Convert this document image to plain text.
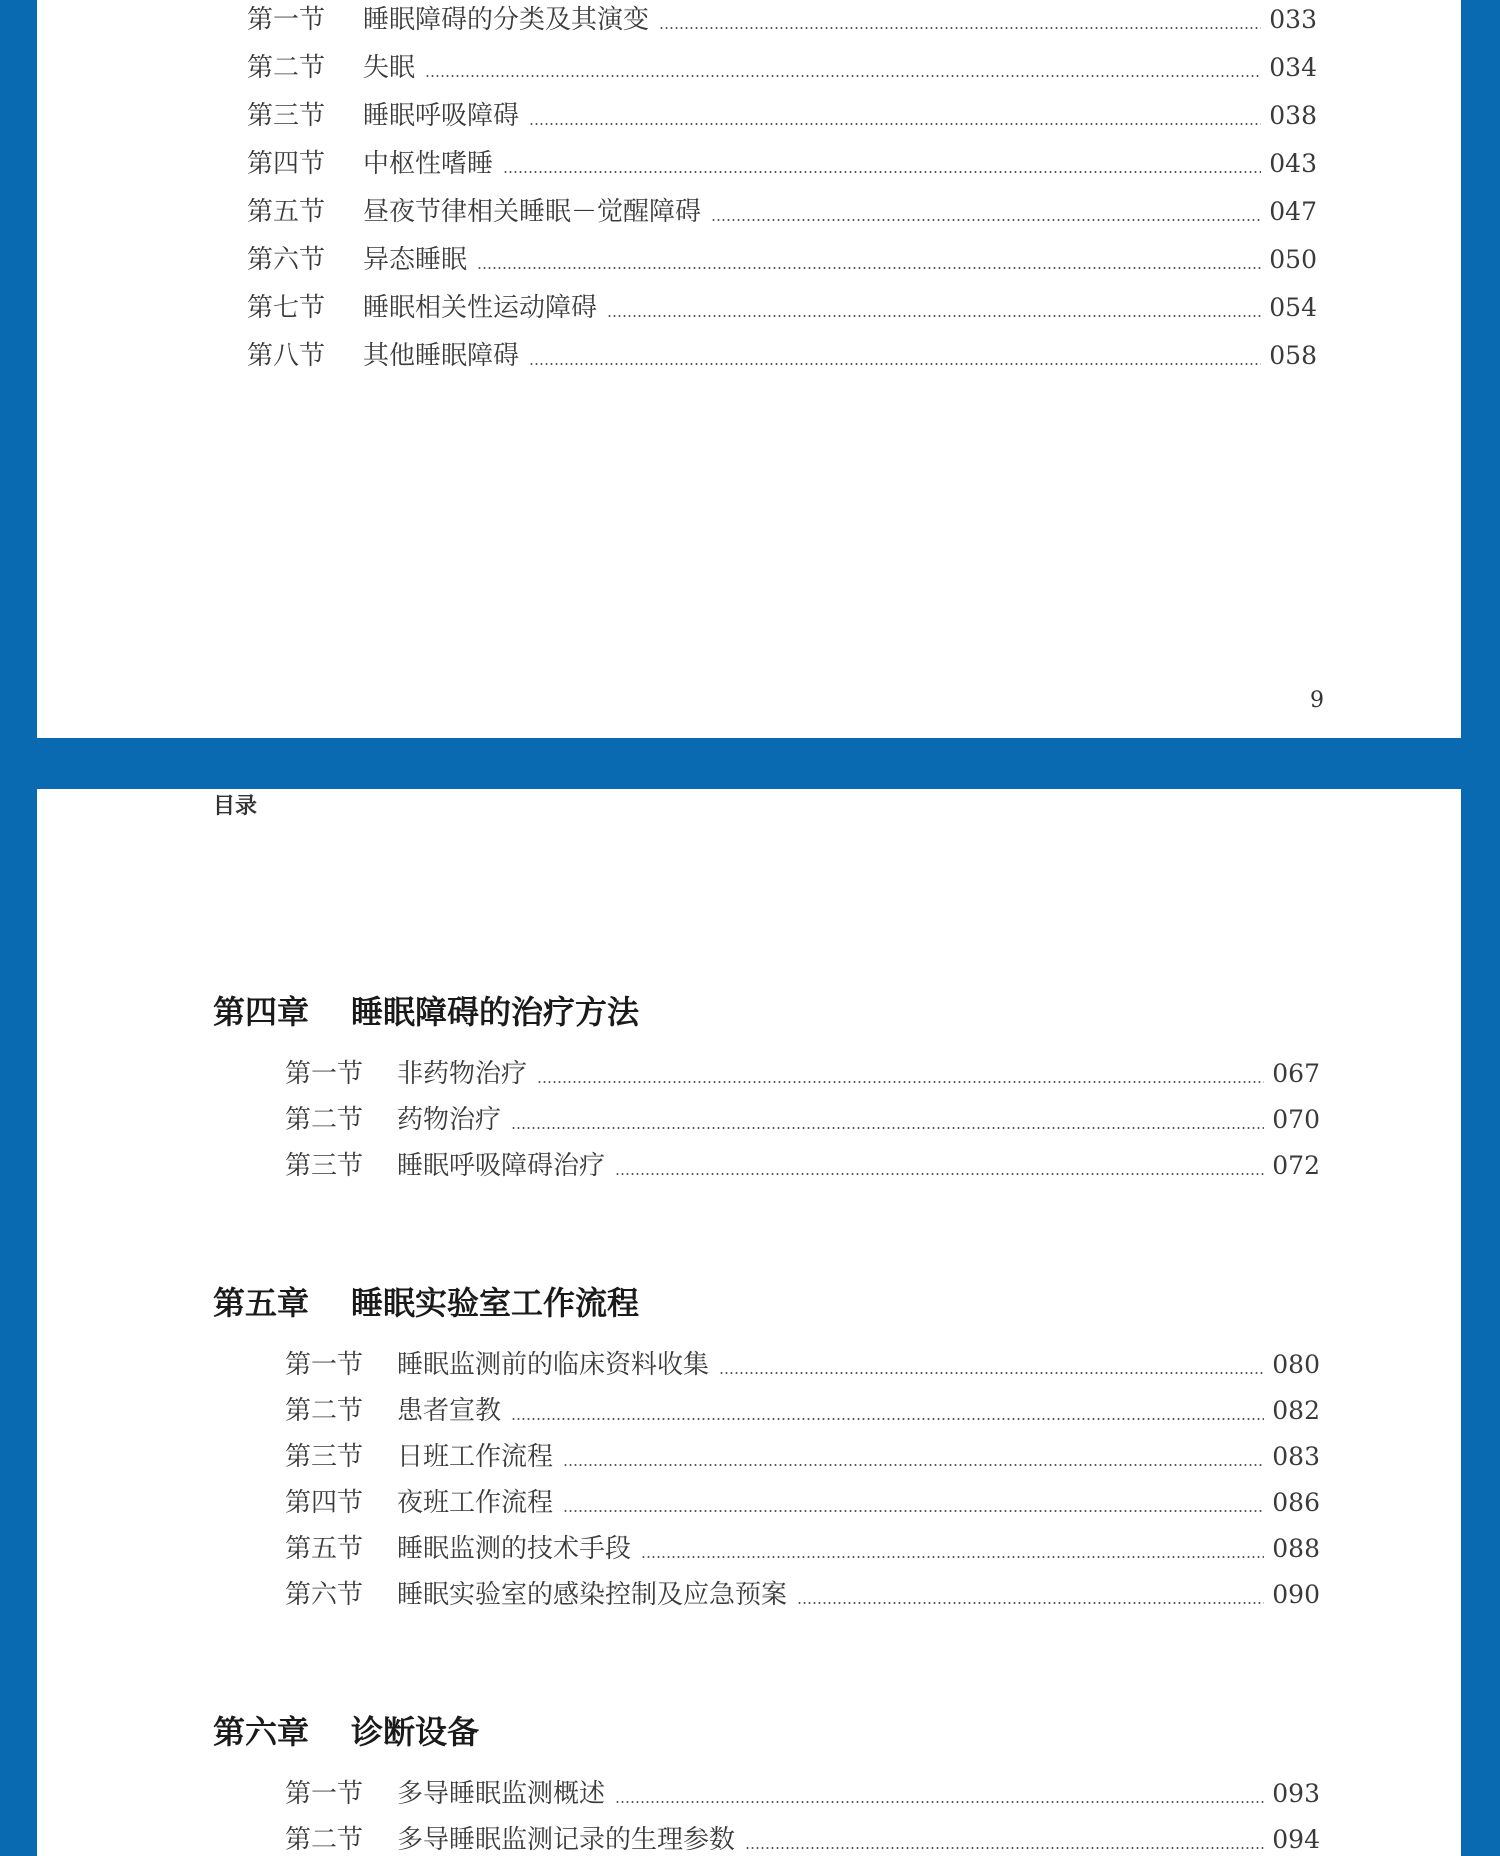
第一节	睡眠障碍的分类及其演变	033
第二节	失眠	034
第三节	睡眠呼吸障碍	038
第四节	中枢性嗜睡	043
第五节	昼夜节律相关睡眠－觉醒障碍	047
第六节	异态睡眠	050
第七节	睡眠相关性运动障碍	054
第八节	其他睡眠障碍	058
9
目录
第四章 睡眠障碍的治疗方法
第一节	非药物治疗	067
第二节	药物治疗	070
第三节	睡眠呼吸障碍治疗	072
第五章 睡眠实验室工作流程
第一节	睡眠监测前的临床资料收集	080
第二节	患者宣教	082
第三节	日班工作流程	083
第四节	夜班工作流程	086
第五节	睡眠监测的技术手段	088
第六节	睡眠实验室的感染控制及应急预案	090
第六章 诊断设备
第一节	多导睡眠监测概述	093
第二节	多导睡眠监测记录的生理参数	094
